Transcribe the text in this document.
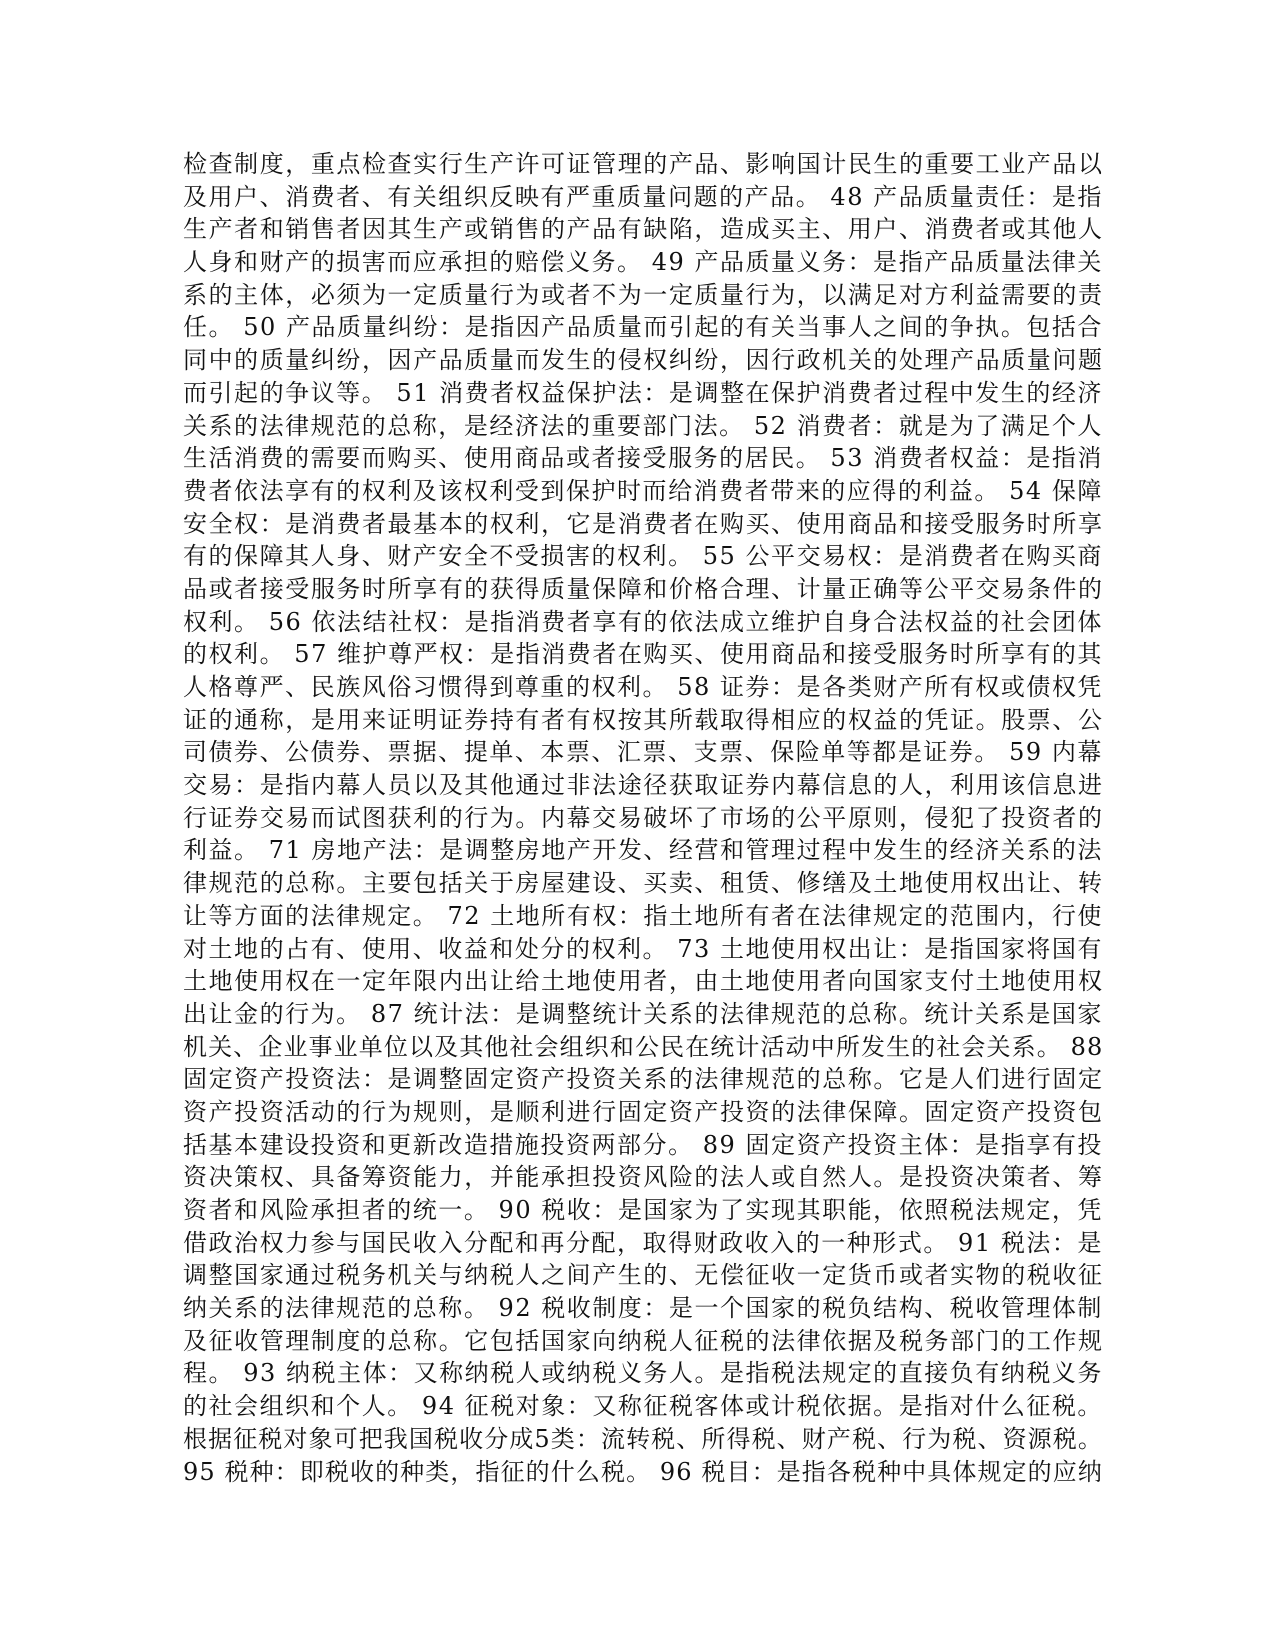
检查制度，重点检查实行生产许可证管理的产品、影响国计民生的重要工业产品以
及用户、消费者、有关组织反映有严重质量问题的产品。 48 产品质量责任：是指
生产者和销售者因其生产或销售的产品有缺陷，造成买主、用户、消费者或其他人
人身和财产的损害而应承担的赔偿义务。 49 产品质量义务：是指产品质量法律关
系的主体，必须为一定质量行为或者不为一定质量行为，以满足对方利益需要的责
任。 50 产品质量纠纷：是指因产品质量而引起的有关当事人之间的争执。包括合
同中的质量纠纷，因产品质量而发生的侵权纠纷，因行政机关的处理产品质量问题
而引起的争议等。 51 消费者权益保护法：是调整在保护消费者过程中发生的经济
关系的法律规范的总称，是经济法的重要部门法。 52 消费者：就是为了满足个人
生活消费的需要而购买、使用商品或者接受服务的居民。 53 消费者权益：是指消
费者依法享有的权利及该权利受到保护时而给消费者带来的应得的利益。 54 保障
安全权：是消费者最基本的权利，它是消费者在购买、使用商品和接受服务时所享
有的保障其人身、财产安全不受损害的权利。 55 公平交易权：是消费者在购买商
品或者接受服务时所享有的获得质量保障和价格合理、计量正确等公平交易条件的
权利。 56 依法结社权：是指消费者享有的依法成立维护自身合法权益的社会团体
的权利。 57 维护尊严权：是指消费者在购买、使用商品和接受服务时所享有的其
人格尊严、民族风俗习惯得到尊重的权利。 58 证券：是各类财产所有权或债权凭
证的通称，是用来证明证券持有者有权按其所载取得相应的权益的凭证。股票、公
司债券、公债券、票据、提单、本票、汇票、支票、保险单等都是证券。 59 内幕
交易：是指内幕人员以及其他通过非法途径获取证券内幕信息的人，利用该信息进
行证券交易而试图获利的行为。内幕交易破坏了市场的公平原则，侵犯了投资者的
利益。 71 房地产法：是调整房地产开发、经营和管理过程中发生的经济关系的法
律规范的总称。主要包括关于房屋建设、买卖、租赁、修缮及土地使用权出让、转
让等方面的法律规定。 72 土地所有权：指土地所有者在法律规定的范围内，行使
对土地的占有、使用、收益和处分的权利。 73 土地使用权出让：是指国家将国有
土地使用权在一定年限内出让给土地使用者，由土地使用者向国家支付土地使用权
出让金的行为。 87 统计法：是调整统计关系的法律规范的总称。统计关系是国家
机关、企业事业单位以及其他社会组织和公民在统计活动中所发生的社会关系。 88
固定资产投资法：是调整固定资产投资关系的法律规范的总称。它是人们进行固定
资产投资活动的行为规则，是顺利进行固定资产投资的法律保障。固定资产投资包
括基本建设投资和更新改造措施投资两部分。 89 固定资产投资主体：是指享有投
资决策权、具备筹资能力，并能承担投资风险的法人或自然人。是投资决策者、筹
资者和风险承担者的统一。 90 税收：是国家为了实现其职能，依照税法规定，凭
借政治权力参与国民收入分配和再分配，取得财政收入的一种形式。 91 税法：是
调整国家通过税务机关与纳税人之间产生的、无偿征收一定货币或者实物的税收征
纳关系的法律规范的总称。 92 税收制度：是一个国家的税负结构、税收管理体制
及征收管理制度的总称。它包括国家向纳税人征税的法律依据及税务部门的工作规
程。 93 纳税主体：又称纳税人或纳税义务人。是指税法规定的直接负有纳税义务
的社会组织和个人。 94 征税对象：又称征税客体或计税依据。是指对什么征税。
根据征税对象可把我国税收分成5类：流转税、所得税、财产税、行为税、资源税。
95 税种：即税收的种类，指征的什么税。 96 税目：是指各税种中具体规定的应纳
